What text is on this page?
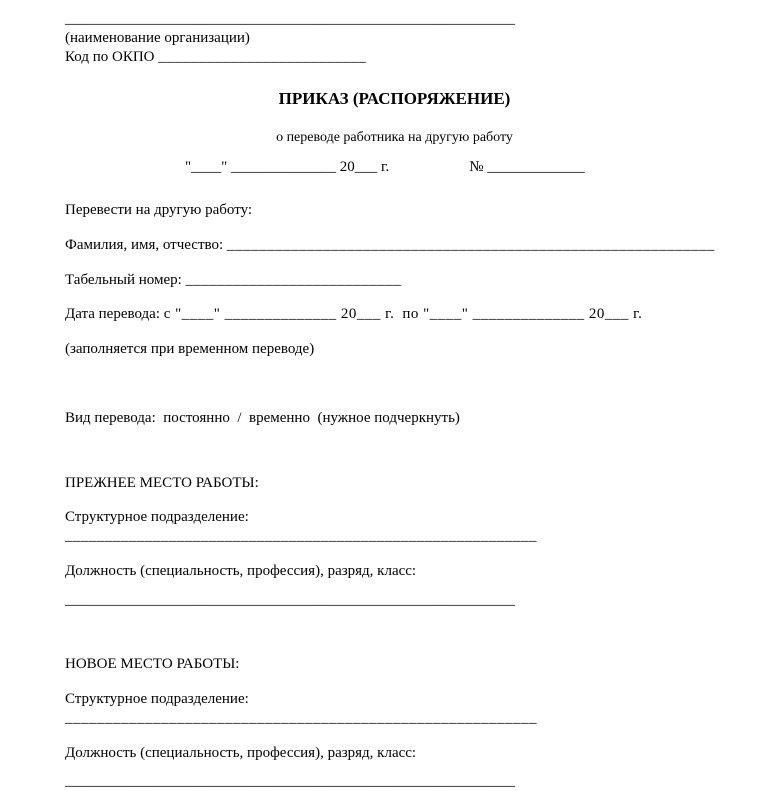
____________________________________________________________
(наименование организации)
Код по ОКПО __________________________
ПРИКАЗ (РАСПОРЯЖЕНИЕ)
о переводе работника на другую работу
"____" ______________ 20___ г.	№ _____________
Перевести на другую работу:
Фамилия, имя, отчество: _____________________________________________________________
Табельный номер: ___________________________
Дата перевода: с "____" ______________ 20___ г. по "____" ______________ 20___ г.
(заполняется при временном переводе)
Вид перевода: постоянно  /  временно (нужное подчеркнуть)
ПРЕЖНЕЕ МЕСТО РАБОТЫ:
Структурное подразделение: ___________________________________________________________
Должность (специальность, профессия), разряд, класс:
____________________________________________________________
НОВОЕ МЕСТО РАБОТЫ:
Структурное подразделение: ___________________________________________________________
Должность (специальность, профессия), разряд, класс:
____________________________________________________________
